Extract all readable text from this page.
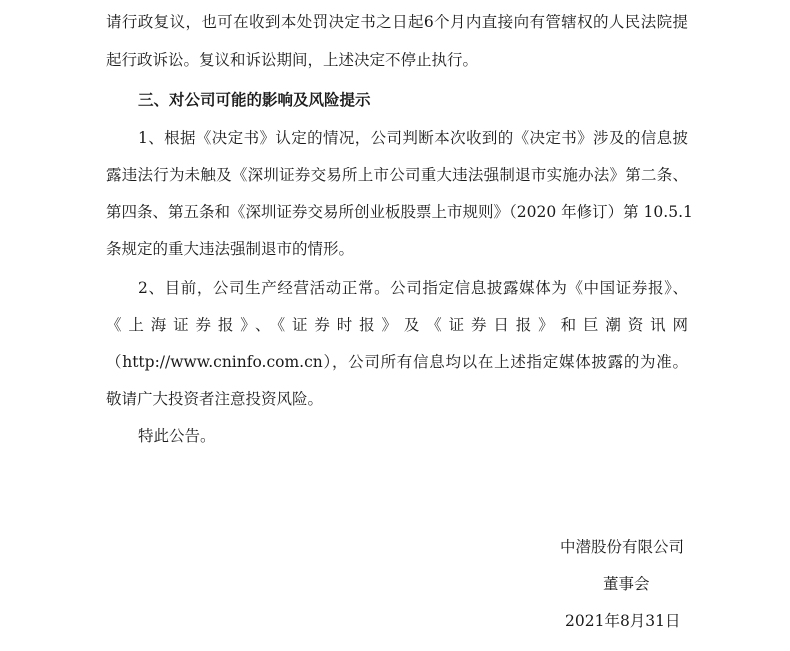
请行政复议，也可在收到本处罚决定书之日起6个月内直接向有管辖权的人民法院提
起行政诉讼。复议和诉讼期间，上述决定不停止执行。
三、对公司可能的影响及风险提示
1、根据《决定书》认定的情况，公司判断本次收到的《决定书》涉及的信息披
露违法行为未触及《深圳证券交易所上市公司重大违法强制退市实施办法》第二条、
第四条、第五条和《深圳证券交易所创业板股票上市规则》（2020 年修订）第 10.5.1
条规定的重大违法强制退市的情形。
2、目前，公司生产经营活动正常。公司指定信息披露媒体为《中国证券报》、
《上海证券报》、《证券时报》及《证券日报》和巨潮资讯网
（http://www.cninfo.com.cn），公司所有信息均以在上述指定媒体披露的为准。
敬请广大投资者注意投资风险。
特此公告。
中潜股份有限公司
董事会
2021年8月31日
